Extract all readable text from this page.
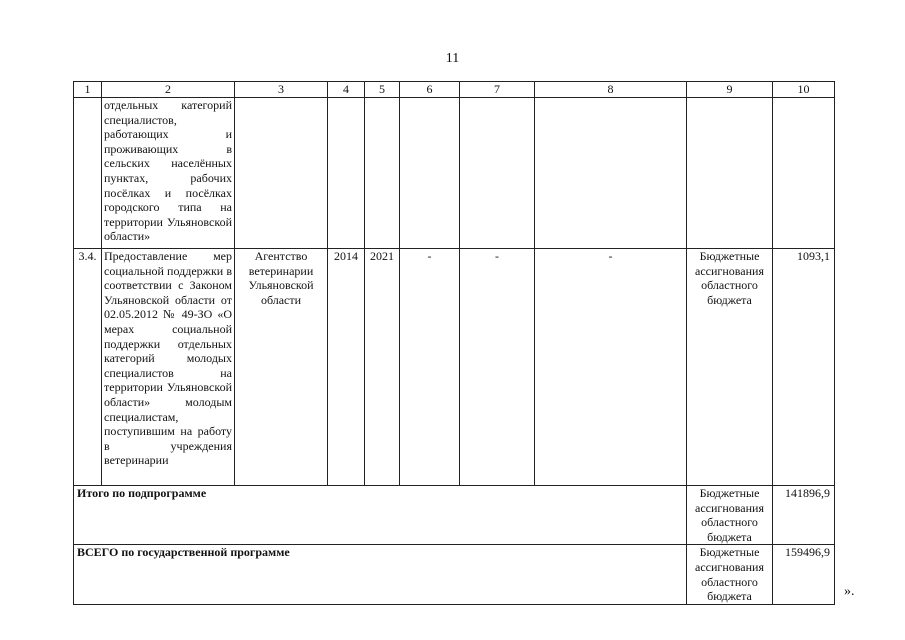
11
1	2	3	4	5	6	7	8	9	10
	отдельных категорий специалистов, работающих и проживающих в сельских населённых пунктах, рабочих посёлках и посёлках городского типа на территории Ульяновской области»								
3.4.	Предоставление мер социальной поддержки в соответствии с Законом Ульяновской области от 02.05.2012 № 49-ЗО «О мерах социальной поддержки отдельных категорий молодых специалистов на территории Ульяновской области» молодым специалистам, поступившим на работу в учреждения ветеринарии	Агентство ветеринарии Ульяновской области	2014	2021	-	-	-	Бюджетные ассигнования областного бюджета	1093,1
Итого по подпрограмме								Бюджетные ассигнования областного бюджета	141896,9
ВСЕГО по государственной программе								Бюджетные ассигнования областного бюджета	159496,9
».
